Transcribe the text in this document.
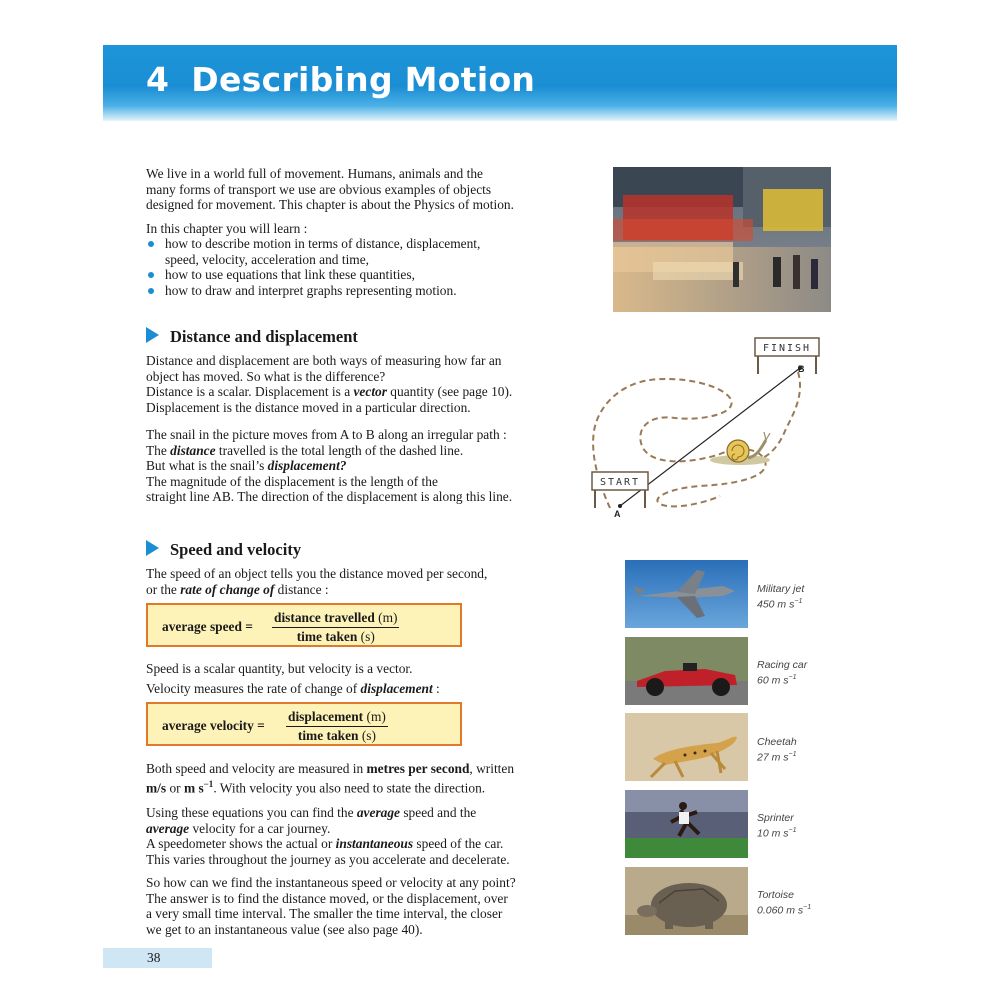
4 Describing Motion

We live in a world full of movement. Humans, animals and the

many forms of transport we use are obvious examples of objects

designed for movement. This chapter is about the Physics of motion.

In this chapter you will learn :

how to describe motion in terms of distance, displacement,
speed, velocity, acceleration and time,
how to use equations that link these quantities,
how to draw and interpret graphs representing motion.
Distance and displacement

Distance and displacement are both ways of measuring how far an

object has moved. So what is the difference?

Distance is a scalar. Displacement is a vector quantity (see page 10).

Displacement is the distance moved in a particular direction.

The snail in the picture moves from A to B along an irregular path :

The distance travelled is the total length of the dashed line.

But what is the snail’s displacement?

The magnitude of the displacement is the length of the

straight line AB. The direction of the displacement is along this line.

FINISH
B
START
A
Speed and velocity

The speed of an object tells you the distance moved per second,

or the rate of change of distance :

average speed =
distance travelled (m)
time taken (s)

Speed is a scalar quantity, but velocity is a vector.

Velocity measures the rate of change of displacement :

average velocity =
displacement (m)
time taken (s)

Both speed and velocity are measured in metres per second, written

m/s or m $s^{-1}$. With velocity you also need to state the direction.

Using these equations you can find the average speed and the

average velocity for a car journey.

A speedometer shows the actual or instantaneous speed of the car.

This varies throughout the journey as you accelerate and decelerate.

So how can we find the instantaneous speed or velocity at any point?

The answer is to find the distance moved, or the displacement, over

a very small time interval. The smaller the time interval, the closer

we get to an instantaneous value (see also page 40).

Military jet
450 m $s^{-1}$
Racing car
60 m $s^{-1}$
Cheetah
27 m $s^{-1}$
Sprinter
10 m $s^{-1}$
Tortoise
0.060 m $s^{-1}$
38
